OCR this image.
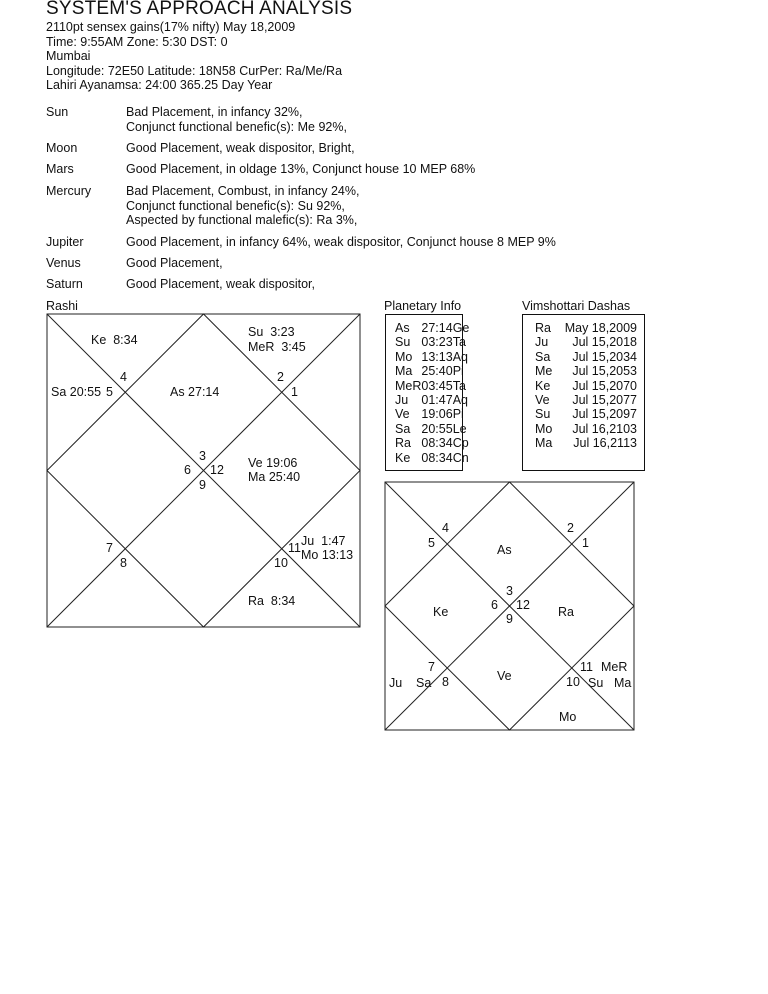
SYSTEM'S APPROACH ANALYSIS
2110pt sensex gains(17% nifty) May 18,2009
Time: 9:55AM Zone: 5:30 DST: 0
Mumbai
Longitude: 72E50 Latitude: 18N58 CurPer: Ra/Me/Ra
Lahiri Ayanamsa: 24:00 365.25 Day Year
Sun	Bad Placement, in infancy 32%,
Conjunct functional benefic(s): Me 92%,
Moon	Good Placement, weak dispositor, Bright,
Mars	Good Placement, in oldage 13%, Conjunct house 10 MEP 68%
Mercury	Bad Placement, Combust, in infancy 24%,
Conjunct functional benefic(s): Su 92%,
Aspected by functional malefic(s): Ra 3%,
Jupiter	Good Placement, in infancy 64%, weak dispositor, Conjunct house 8 MEP 9%
Venus	Good Placement,
Saturn	Good Placement, weak dispositor,
Rashi	Planetary Info	Vimshottari Dashas
4
5
2
1
3
6 12
9
7
8
11
10
Ke  8:34
Su  3:23
MeR  3:45
Sa 20:55	As 27:14
Ve 19:06
Ma 25:40
Ju  1:47
Mo 13:13
Ra  8:34
4
5
2
1
3
6 12
9
7
8
11
10
As
Ke	Ra
Ve
Ju Sa
MeR
Su Ma
Mo
As	27:14	Ge
Su	03:23	Ta
Mo	13:13	Aq
Ma	25:40	Pi
MeR	03:45	Ta
Ju	01:47	Aq
Ve	19:06	Pi
Sa	20:55	Le
Ra	08:34	Cp
Ke	08:34	Cn
Ra	May 18,2009
Ju	Jul 15,2018
Sa	Jul 15,2034
Me	Jul 15,2053
Ke	Jul 15,2070
Ve	Jul 15,2077
Su	Jul 15,2097
Mo	Jul 16,2103
Ma	Jul 16,2113
